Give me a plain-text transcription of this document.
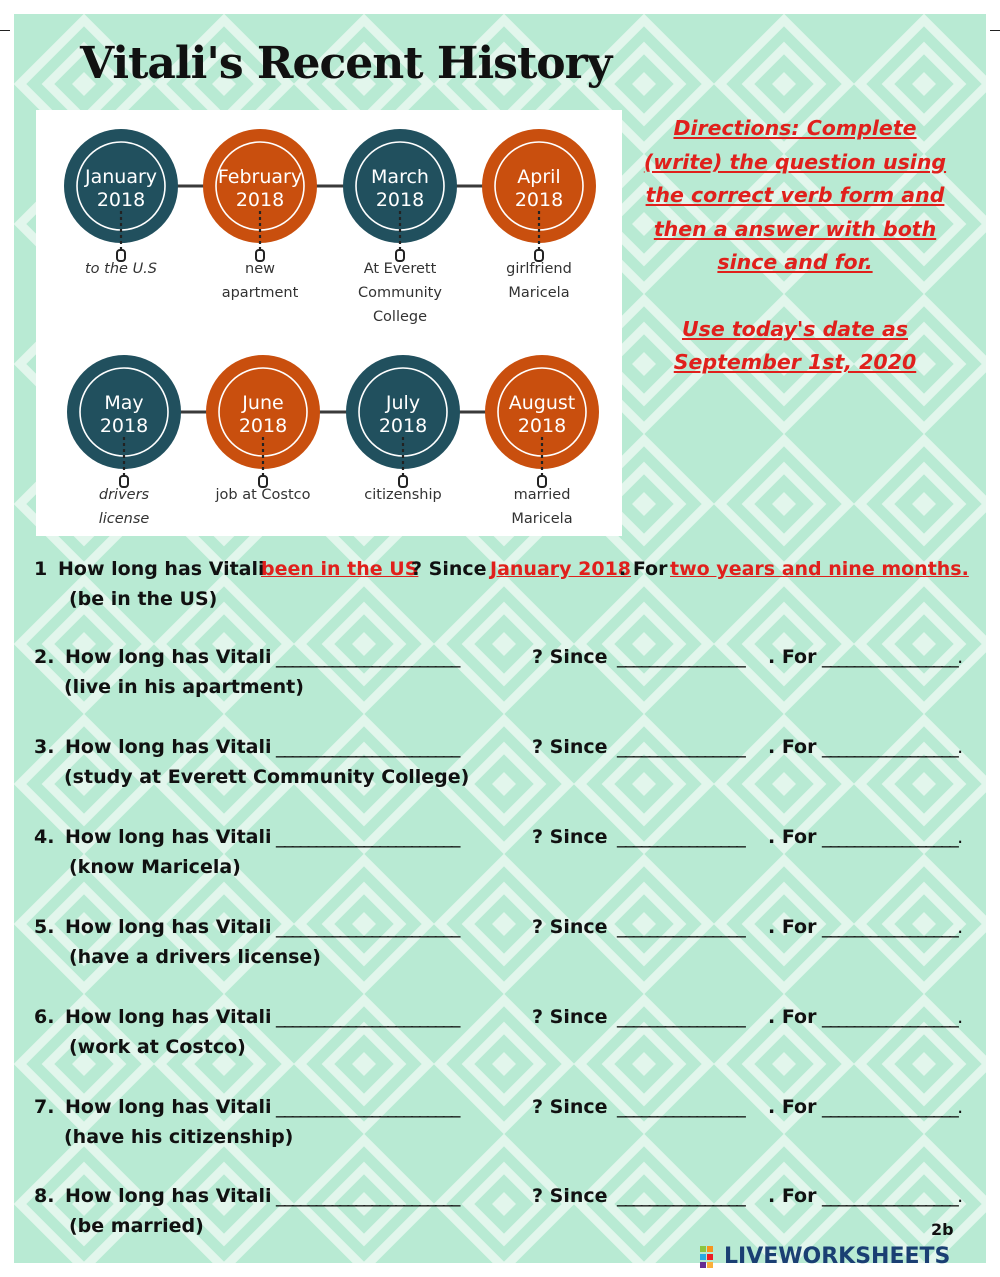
Vitali's Recent History
January
2018
to the U.S
February
2018
new
apartment
March
2018
At Everett
Community
College
April
2018
girlfriend
Maricela
May
2018
drivers
license
June
2018
job at Costco
July
2018
citizenship
August
2018
married
Maricela

Directions: Complete

(write) the question using

the correct verb form and

then a answer with both

since and for.

Use today's date as

September 1st, 2020

1 How long has Vitali
been in the US
? Since January 2018
. For two years and nine months.
(be in the US)
2. How long has Vitali _______________________	? Since ________________ . For _________________.
(live in his apartment)
3. How long has Vitali _______________________	? Since ________________ . For _________________.
(study at Everett Community College)
4. How long has Vitali _______________________	? Since ________________ . For _________________.
(know Maricela)
5. How long has Vitali _______________________	? Since ________________ . For _________________.
(have a drivers license)
6. How long has Vitali _______________________	? Since ________________ . For _________________.
(work at Costco)
7. How long has Vitali _______________________	? Since ________________ . For _________________.
(have his citizenship)
8. How long has Vitali _______________________	? Since ________________ . For _________________.
(be married)	2b
LIVEWORKSHEETS
